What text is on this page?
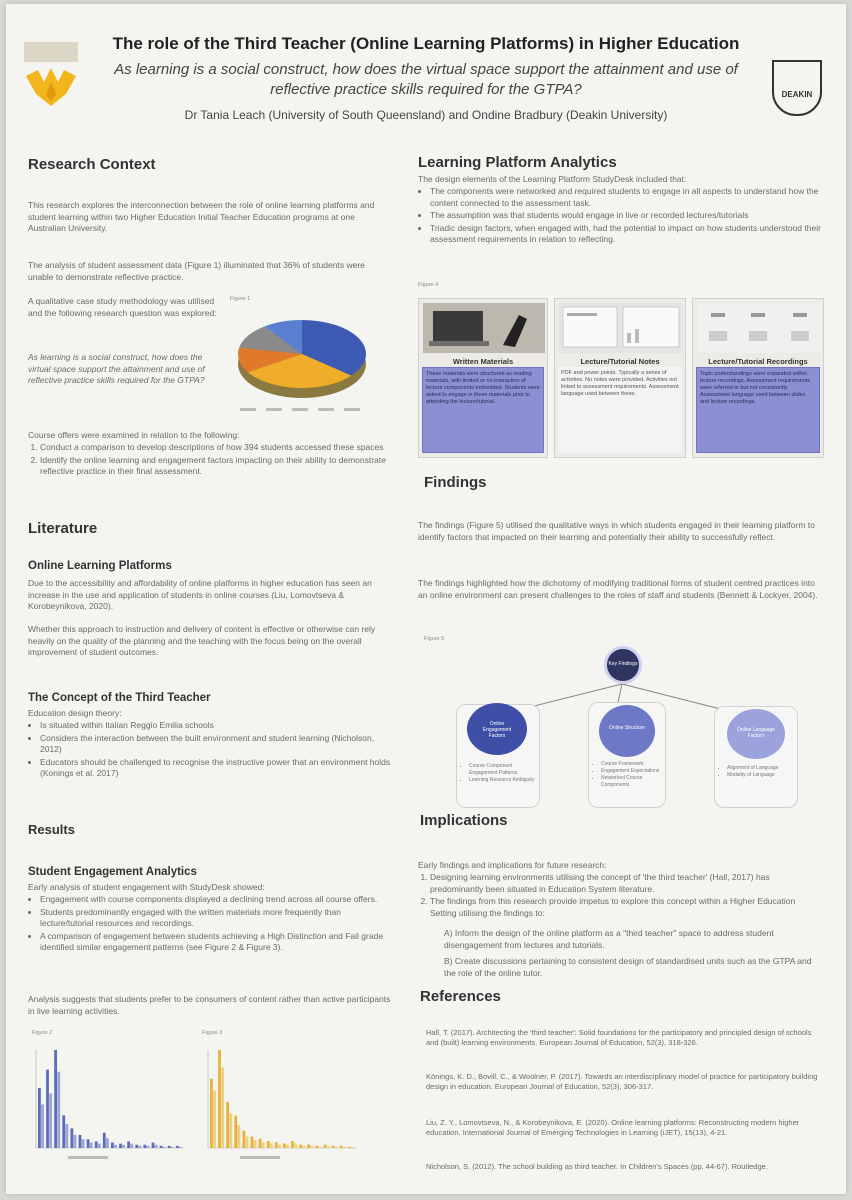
The role of the Third Teacher (Online Learning Platforms) in Higher Education
As learning is a social construct, how does the virtual space support the attainment and use of reflective practice skills required for the GTPA?
Dr Tania Leach (University of South Queensland) and Ondine Bradbury (Deakin University)
DEAKIN
Research Context
This research explores the interconnection between the role of online learning platforms and student learning within two Higher Education Initial Teacher Education programs at one Australian University.
The analysis of student assessment data (Figure 1) illuminated that 36% of students were unable to demonstrate reflective practice.
A qualitative case study methodology was utilised and the following research question was explored:
As learning is a social construct, how does the virtual space support the attainment and use of reflective practice skills required for the GTPA?
Figure 1
Course offers were examined in relation to the following:
1. Conduct a comparison to develop descriptions of how 394 students accessed these spaces
2. Identify the online learning and engagement factors impacting on their ability to demonstrate reflective practice in their final assessment.
Literature
Online Learning Platforms
Due to the accessibility and affordability of online platforms in higher education has seen an increase in the use and application of students in online courses (Liu, Lomovtseva & Korobeynikova, 2020).
Whether this approach to instruction and delivery of content is effective or otherwise can rely heavily on the quality of the planning and the teaching with the focus being on the overall improvement of student outcomes.
The Concept of the Third Teacher
Education design theory:
• Is situated within Italian Reggio Emilia schools
• Considers the interaction between the built environment and student learning (Nicholson, 2012)
• Educators should be challenged to recognise the instructive power that an environment holds (Konings et al. 2017)
Results
Student Engagement Analytics
Early analysis of student engagement with StudyDesk showed:
• Engagement with course components displayed a declining trend across all course offers.
• Students predominantly engaged with the written materials more frequently than lecture/tutorial resources and recordings.
• A comparison of engagement between students achieving a High Distinction and Fail grade identified similar engagement patterns (see Figure 2 & Figure 3).
Analysis suggests that students prefer to be consumers of content rather than active participants in live learning activities.
Figure 2	Figure 3
Learning Platform Analytics
The design elements of the Learning Platform StudyDesk included that:
• The components were networked and required students to engage in all aspects to understand how the content connected to the assessment task.
• The assumption was that students would engage in live or recorded lectures/tutorials
• Triadic design factors, when engaged with, had the potential to impact on how students understood their assessment requirements in relation to reflecting.
Figure 4
Written Materials
These materials were structured as reading materials, with limited or no interaction of lecture components embedded. Students were asked to engage in these materials prior to attending the lecture/tutorial.
Lecture/Tutorial Notes
PDF and power points. Typically a series of activities. No notes were provided. Activities not linked to assessment requirements. Assessment language used between these.
Lecture/Tutorial Recordings
Topic understandings were expanded within lecture recordings. Assessment requirements were referred to but not consistently. Assessment language used between slides and lecture recordings.
Findings
The findings (Figure 5) utilised the qualitative ways in which students engaged in their learning platform to identify factors that impacted on their learning and potentially their ability to successfully reflect.
The findings highlighted how the dichotomy of modifying traditional forms of student centred practices into an online environment can present challenges to the roles of staff and students (Bennett & Lockyer, 2004).
Figure 5
Key Findings
Online Engagement Factors
• Course Component Engagement Patterns
• Learning Resource Ambiguity
Online Structure
• Course Framework
• Engagement Expectations
• Networked Course Components
Online Language Factors
• Alignment of Language
• Modality of Language
Implications
Early findings and implications for future research:
1. Designing learning environments utilising the concept of 'the third teacher' (Hall, 2017) has predominantly been situated in Education System literature.
2. The findings from this research provide impetus to explore this concept within a Higher Education Setting utilising the findings to:
A) Inform the design of the online platform as a "third teacher" space to address student disengagement from lectures and tutorials.
B) Create discussions pertaining to consistent design of standardised units such as the GTPA and the role of the online tutor.
References
Hall, T. (2017). Architecting the 'third teacher': Solid foundations for the participatory and principled design of schools and (built) learning environments. European Journal of Education, 52(3), 318-326.
Könings, K. D., Bovill, C., & Woolner, P. (2017). Towards an interdisciplinary model of practice for participatory building design in education. European Journal of Education, 52(3), 306-317.
Liu, Z. Y., Lomovtseva, N., & Korobeynikova, E. (2020). Online learning platforms: Reconstructing modern higher education. International Journal of Emerging Technologies in Learning (iJET), 15(13), 4-21.
Nicholson, S. (2012). The school building as third teacher. In Children's Spaces (pp. 44-67). Routledge.
